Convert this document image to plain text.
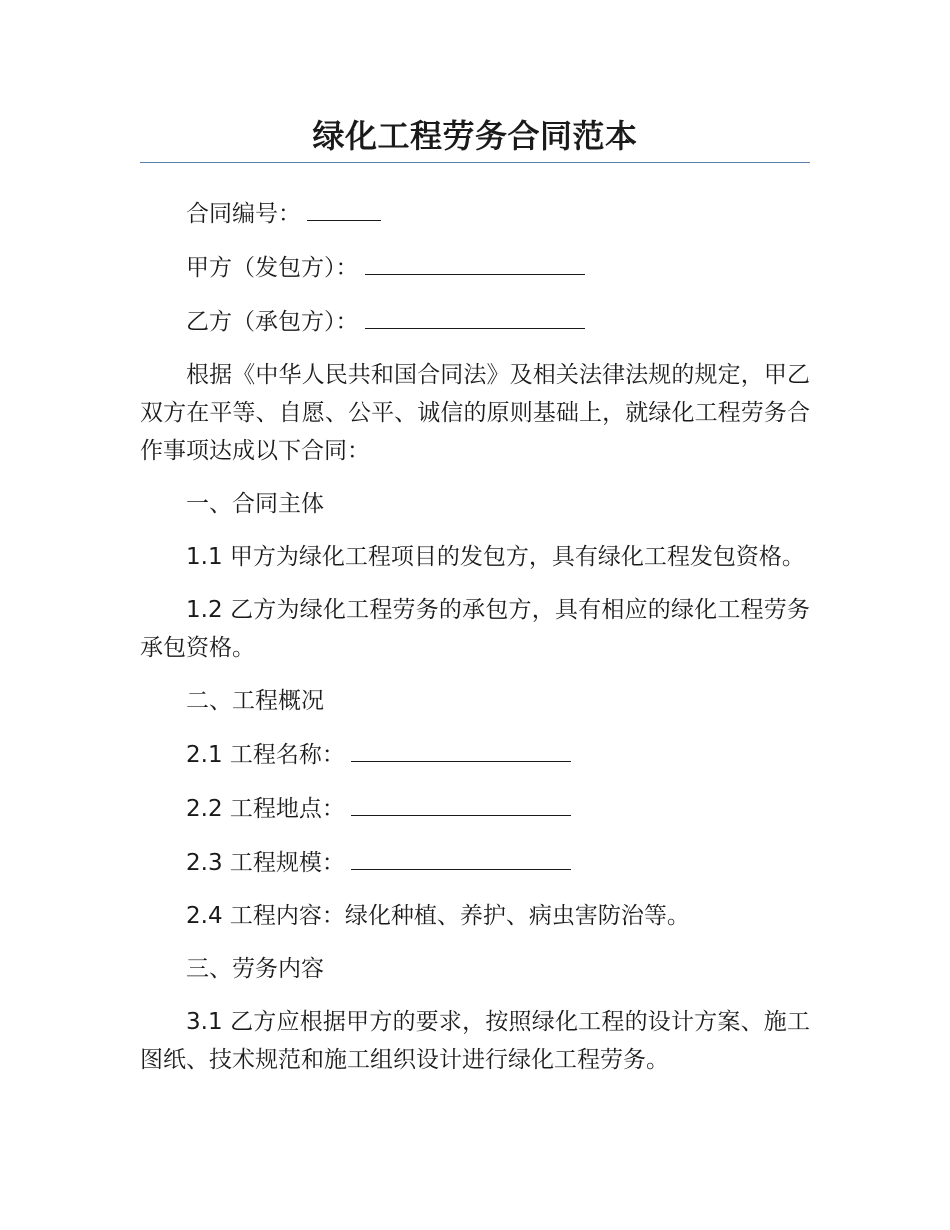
绿化工程劳务合同范本

合同编号：

甲方（发包方）：

乙方（承包方）：

根据《中华人民共和国合同法》及相关法律法规的规定，甲乙双方在平等、自愿、公平、诚信的原则基础上，就绿化工程劳务合作事项达成以下合同：

一、合同主体

1.1 甲方为绿化工程项目的发包方，具有绿化工程发包资格。

1.2 乙方为绿化工程劳务的承包方，具有相应的绿化工程劳务承包资格。

二、工程概况

2.1 工程名称：

2.2 工程地点：

2.3 工程规模：

2.4 工程内容：绿化种植、养护、病虫害防治等。

三、劳务内容

3.1 乙方应根据甲方的要求，按照绿化工程的设计方案、施工图纸、技术规范和施工组织设计进行绿化工程劳务。
